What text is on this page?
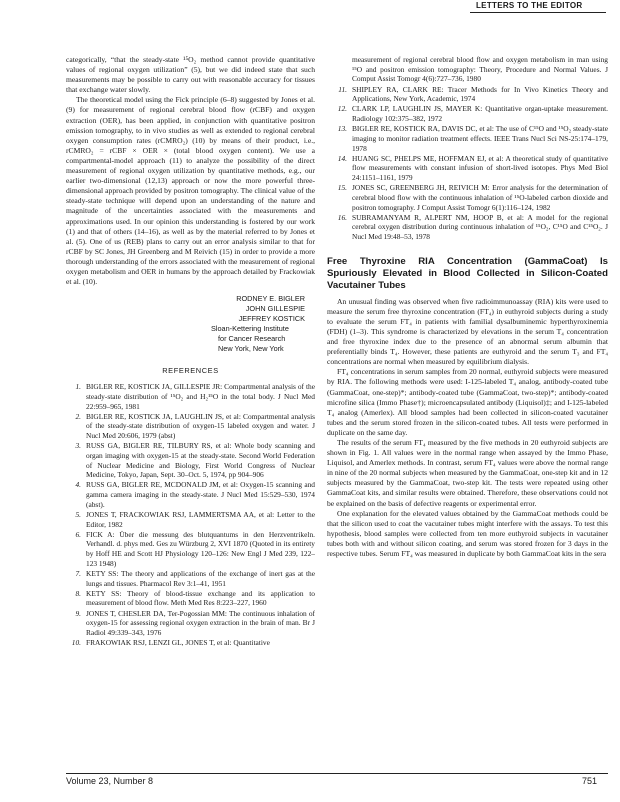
LETTERS TO THE EDITOR

categorically, “that the steady-state ¹⁵O₂ method cannot provide quantitative values of regional oxygen utilization” (5), but we did indeed state that such measurements may be possible to carry out with reasonable accuracy for tissues that exchange water slowly.

The theoretical model using the Fick principle (6–8) suggested by Jones et al. (9) for measurement of regional cerebral blood flow (rCBF) and oxygen extraction (OER), has been applied, in conjunction with quantitative positron emission tomography, to in vivo studies as well as extended to regional cerebral oxygen consumption rates (rCMRO₂) (10) by means of their product, i.e., rCMRO₂ = rCBF × OER × (total blood oxygen content). We use a compartmental-model approach (11) to analyze the possibility of the direct measurement of regional oxygen utilization by quantitative methods, e.g., our earlier two-dimensional (12,13) approach or now the more powerful three-dimensional approach provided by positron tomography. The clinical value of the steady-state technique will depend upon an understanding of the nature and magnitude of the uncertainties associated with the measurements and approximations used. In our opinion this understanding is fostered by our work (1) and that of others (14–16), as well as by the material referred to by Jones et al. (5). One of us (REB) plans to carry out an error analysis similar to that for rCBF by SC Jones, JH Greenberg and M Reivich (15) in order to provide a more thorough understanding of the errors associated with the measurement of regional oxygen metabolism and OER in humans by the approach detailed by Frackowiak et al. (10).

RODNEY E. BIGLER
JOHN GILLESPIE
JEFFREY KOSTICK
Sloan-Kettering Institute
for Cancer Research
New York, New York
REFERENCES
1. BIGLER RE, KOSTICK JA, GILLESPIE JR: Compartmental analysis of the steady-state distribution of ¹⁵O₂ and H₂¹⁵O in the total body. J Nucl Med 22:959–965, 1981
2. BIGLER RE, KOSTICK JA, LAUGHLIN JS, et al: Compartmental analysis of the steady-state distribution of oxygen-15 labeled oxygen and water. J Nucl Med 20:606, 1979 (abst)
3. RUSS GA, BIGLER RE, TILBURY RS, et al: Whole body scanning and organ imaging with oxygen-15 at the steady-state. Second World Federation of Nuclear Medicine and Biology, First World Congress of Nuclear Medicine, Tokyo, Japan, Sept. 30–Oct. 5, 1974, pp 904–906
4. RUSS GA, BIGLER RE, MCDONALD JM, et al: Oxygen-15 scanning and gamma camera imaging in the steady-state. J Nucl Med 15:529–530, 1974 (abst).
5. JONES T, FRACKOWIAK RSJ, LAMMERTSMA AA, et al: Letter to the Editor, 1982
6. FICK A: Über die messung des blutquantums in den Herzventrikeln. Verhandl. d. phys med. Ges zu Würzburg 2, XVI 1870 (Quoted in its entirety by Hoff HE and Scott HJ Physiology 120–126: New Engl J Med 239, 122–123 1948)
7. KETY SS: The theory and applications of the exchange of inert gas at the lungs and tissues. Pharmacol Rev 3:1–41, 1951
8. KETY SS: Theory of blood-tissue exchange and its application to measurement of blood flow. Meth Med Res 8:223–227, 1960
9. JONES T, CHESLER DA, Ter-Pogossian MM: The continuous inhalation of oxygen-15 for assessing regional oxygen extraction in the brain of man. Br J Radiol 49:339–343, 1976
10. FRAKOWIAK RSJ, LENZI GL, JONES T, et al: Quantitative
measurement of regional cerebral blood flow and oxygen metabolism in man using ¹⁵O and positron emission tomography: Theory, Procedure and Normal Values. J Comput Assist Tomogr 4(6):727–736, 1980
11. SHIPLEY RA, CLARK RE: Tracer Methods for In Vivo Kinetics Theory and Applications, New York, Academic, 1974
12. CLARK LP, LAUGHLIN JS, MAYER K: Quantitative organ-uptake measurement. Radiology 102:375–382, 1972
13. BIGLER RE, KOSTICK RA, DAVIS DC, et al: The use of C¹⁵O and ¹⁵O₂ steady-state imaging to monitor radiation treatment effects. IEEE Trans Nucl Sci NS-25:174–179, 1978
14. HUANG SC, PHELPS ME, HOFFMAN EJ, et al: A theoretical study of quantitative flow measurements with constant infusion of short-lived isotopes. Phys Med Biol 24:1151–1161, 1979
15. JONES SC, GREENBERG JH, REIVICH M: Error analysis for the determination of cerebral blood flow with the continuous inhalation of ¹⁵O-labeled carbon dioxide and positron tomography. J Comput Assist Tomogr 6(1):116–124, 1982
16. SUBRAMANYAM R, ALPERT NM, HOOP B, et al: A model for the regional cerebral oxygen distribution during continuous inhalation of ¹⁵O₂, C¹⁵O and C¹⁵O₂. J Nucl Med 19:48–53, 1978
Free Thyroxine RIA Concentration (GammaCoat) Is Spuriously Elevated in Blood Collected in Silicon-Coated Vacutainer Tubes

An unusual finding was observed when five radioimmunoassay (RIA) kits were used to measure the serum free thyroxine concentration (FT₄) in euthyroid subjects during a study to evaluate the serum FT₄ in patients with familial dysalbuminemic hyperthyroxinemia (FDH) (1–3). This syndrome is characterized by elevations in the serum T₄ concentration and free thyroxine index due to the presence of an abnormal serum albumin that preferentially binds T₄. However, these patients are euthyroid and the serum T₃ and FT₄ concentrations are normal when measured by equilibrium dialysis.

FT₄ concentrations in serum samples from 20 normal, euthyroid subjects were measured by RIA. The following methods were used: I-125-labeled T₄ analog, antibody-coated tube (GammaCoat, one-step)*; antibody-coated tube (GammaCoat, two-step)*; antibody-coated microfine silica (Immo Phase†); microencapsulated antibody (Liquisol)‡; and I-125-labeled T₄ analog (Amerlex). All blood samples had been collected in silicon-coated vacutainer tubes and the serum stored frozen in the silicon-coated tubes. All tests were performed in duplicate on the same day.

The results of the serum FT₄ measured by the five methods in 20 euthyroid subjects are shown in Fig. 1. All values were in the normal range when assayed by the Immo Phase, Liquisol, and Amerlex methods. In contrast, serum FT₄ values were above the normal range in nine of the 20 normal subjects when measured by the GammaCoat, one-step kit and in 12 subjects measured by the GammaCoat, two-step kit. The tests were repeated using other GammaCoat kits, and similar results were obtained. Therefore, these observations could not be explained on the basis of defective reagents or experimental error.

One explanation for the elevated values obtained by the GammaCoat methods could be that the silicon used to coat the vacutainer tubes might interfere with the assays. To test this hypothesis, blood samples were collected from ten more euthyroid subjects in vacutainer tubes both with and without silicon coating, and serum was stored frozen for 3 days in the respective tubes. Serum FT₄ was measured in duplicate by both GammaCoat kits in the sera

Volume 23, Number 8	751
